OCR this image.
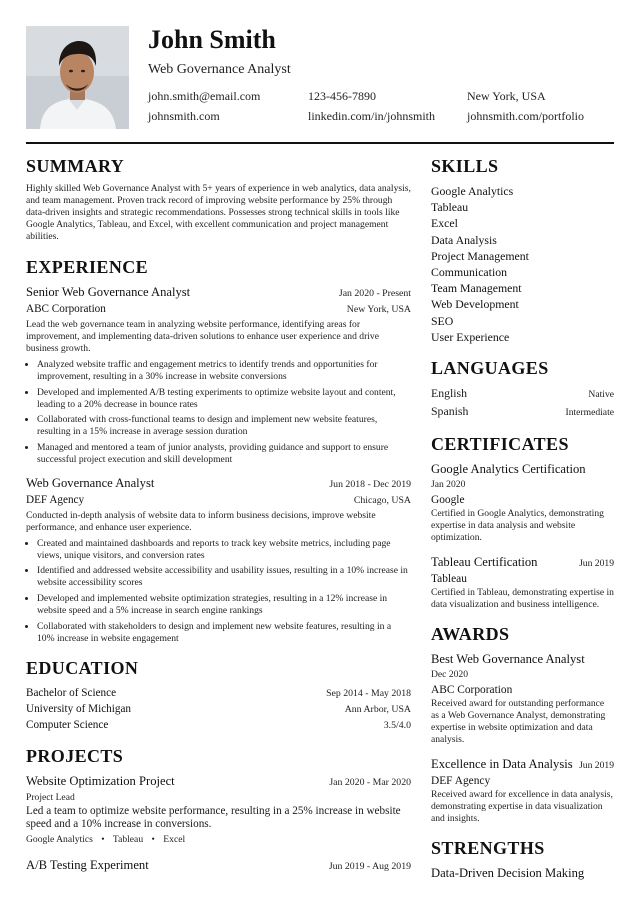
John Smith
Web Governance Analyst
john.smith@email.com	123-456-7890	New York, USA
johnsmith.com	linkedin.com/in/johnsmith	johnsmith.com/portfolio
SUMMARY

Highly skilled Web Governance Analyst with 5+ years of experience in web analytics, data analysis, and team management. Proven track record of improving website performance by 25% through data-driven insights and strategic recommendations. Possesses strong technical skills in tools like Google Analytics, Tableau, and Excel, with excellent communication and project management abilities.

EXPERIENCE
Senior Web Governance Analyst	Jan 2020 - Present
ABC Corporation	New York, USA

Lead the web governance team in analyzing website performance, identifying areas for improvement, and implementing data-driven solutions to enhance user experience and drive business growth.

• Analyzed website traffic and engagement metrics to identify trends and opportunities for improvement, resulting in a 30% increase in website conversions
• Developed and implemented A/B testing experiments to optimize website layout and content, leading to a 20% decrease in bounce rates
• Collaborated with cross-functional teams to design and implement new website features, resulting in a 15% increase in average session duration
• Managed and mentored a team of junior analysts, providing guidance and support to ensure successful project execution and skill development
Web Governance Analyst	Jun 2018 - Dec 2019
DEF Agency	Chicago, USA

Conducted in-depth analysis of website data to inform business decisions, improve website performance, and enhance user experience.

• Created and maintained dashboards and reports to track key website metrics, including page views, unique visitors, and conversion rates
• Identified and addressed website accessibility and usability issues, resulting in a 10% increase in website accessibility scores
• Developed and implemented website optimization strategies, resulting in a 12% increase in website speed and a 5% increase in search engine rankings
• Collaborated with stakeholders to design and implement new website features, resulting in a 10% increase in website engagement
EDUCATION
Bachelor of Science	Sep 2014 - May 2018
University of Michigan	Ann Arbor, USA
Computer Science	3.5/4.0
PROJECTS
Website Optimization Project	Jan 2020 - Mar 2020
Project Lead

Led a team to optimize website performance, resulting in a 25% increase in website speed and a 10% increase in conversions.

Google Analytics • Tableau • Excel
A/B Testing Experiment	Jun 2019 - Aug 2019
SKILLS
Google Analytics
Tableau
Excel
Data Analysis
Project Management
Communication
Team Management
Web Development
SEO
User Experience
LANGUAGES
English	Native
Spanish	Intermediate
CERTIFICATES
Google Analytics Certification
Jan 2020
Google

Certified in Google Analytics, demonstrating expertise in data analysis and website optimization.

Tableau Certification	Jun 2019
Tableau

Certified in Tableau, demonstrating expertise in data visualization and business intelligence.

AWARDS
Best Web Governance Analyst
Dec 2020
ABC Corporation

Received award for outstanding performance as a Web Governance Analyst, demonstrating expertise in website optimization and data analysis.

Excellence in Data Analysis Jun 2019
DEF Agency

Received award for excellence in data analysis, demonstrating expertise in data visualization and insights.

STRENGTHS
Data-Driven Decision Making
